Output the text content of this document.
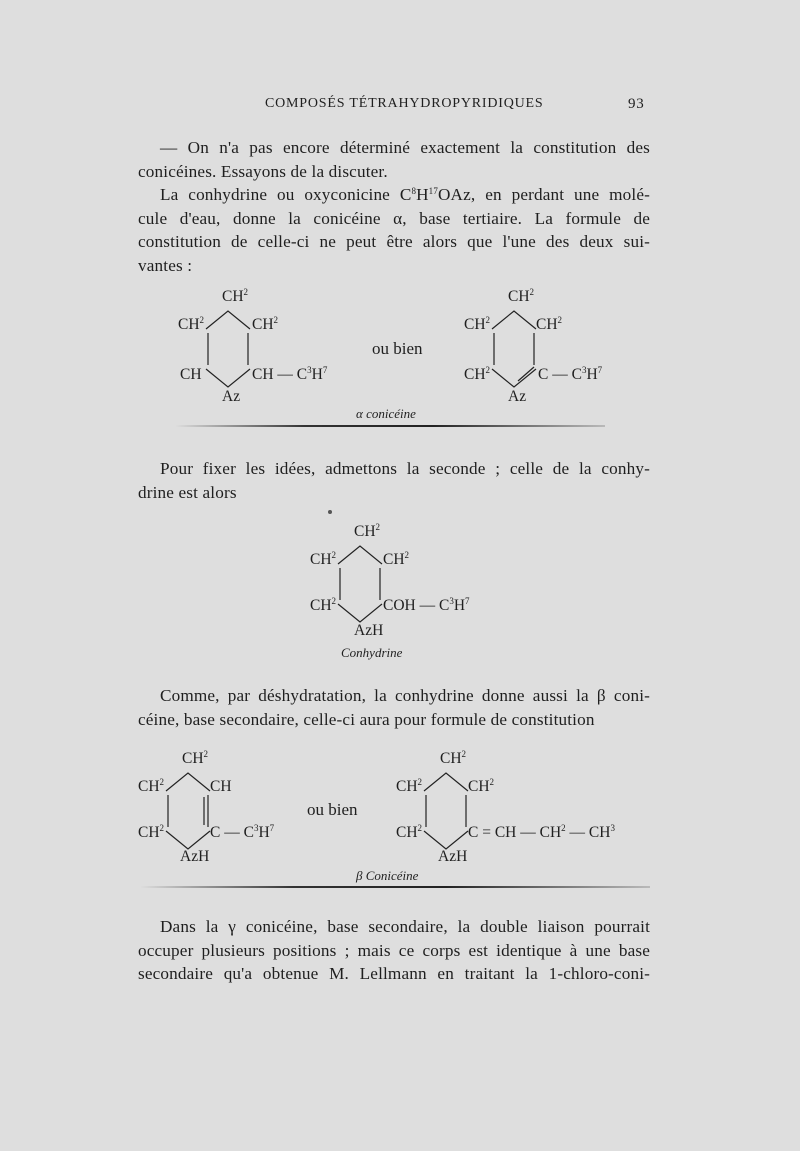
COMPOSÉS TÉTRAHYDROPYRIDIQUES	93
— On n'a pas encore déterminé exactement la constitution des
conicéines. Essayons de la discuter.
La conhydrine ou oxyconicine $C^8H^{17}OAz$, en perdant une molé-
cule d'eau, donne la conicéine α, base tertiaire. La formule de
constitution de celle-ci ne peut être alors que l'une des deux sui-
vantes :
$CH^2$
$CH^2$	$CH^2$
CH	CH — $C^3H^7$
Az
ou bien
$CH^2$
$CH^2$	$CH^2$
$CH^2$	C — $C^3H^7$
Az
α conicéine
Pour fixer les idées, admettons la seconde ; celle de la conhy-
drine est alors
$CH^2$
$CH^2$	$CH^2$
$CH^2$	COH — $C^3H^7$
AzH
Conhydrine
Comme, par déshydratation, la conhydrine donne aussi la β coni-
céine, base secondaire, celle-ci aura pour formule de constitution
$CH^2$
$CH^2$	CH
$CH^2$	C — $C^3H^7$
AzH
ou bien
$CH^2$
$CH^2$	$CH^2$
$CH^2$	C = CH — $CH^2$ — $CH^3$
AzH
β Conicéine
Dans la γ conicéine, base secondaire, la double liaison pourrait
occuper plusieurs positions ; mais ce corps est identique à une base
secondaire qu'a obtenue M. Lellmann en traitant la 1-chloro-coni-
